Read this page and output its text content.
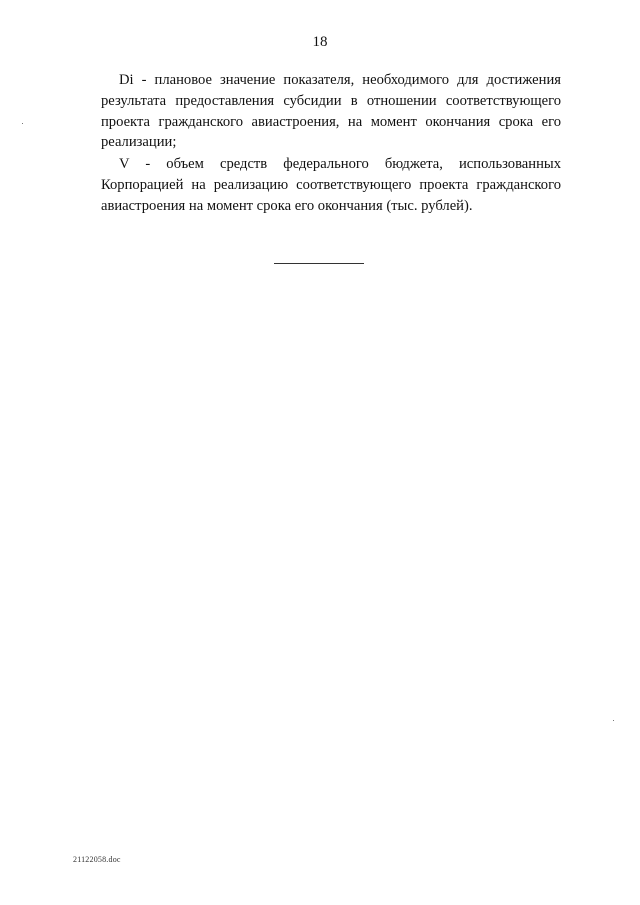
18

Di - плановое значение показателя, необходимого для достижения результата предоставления субсидии в отношении соответствующего проекта гражданского авиастроения, на момент окончания срока его реализации;

V - объем средств федерального бюджета, использованных Корпорацией на реализацию соответствующего проекта гражданского авиастроения на момент срока его окончания (тыс. рублей).

21122058.doc
